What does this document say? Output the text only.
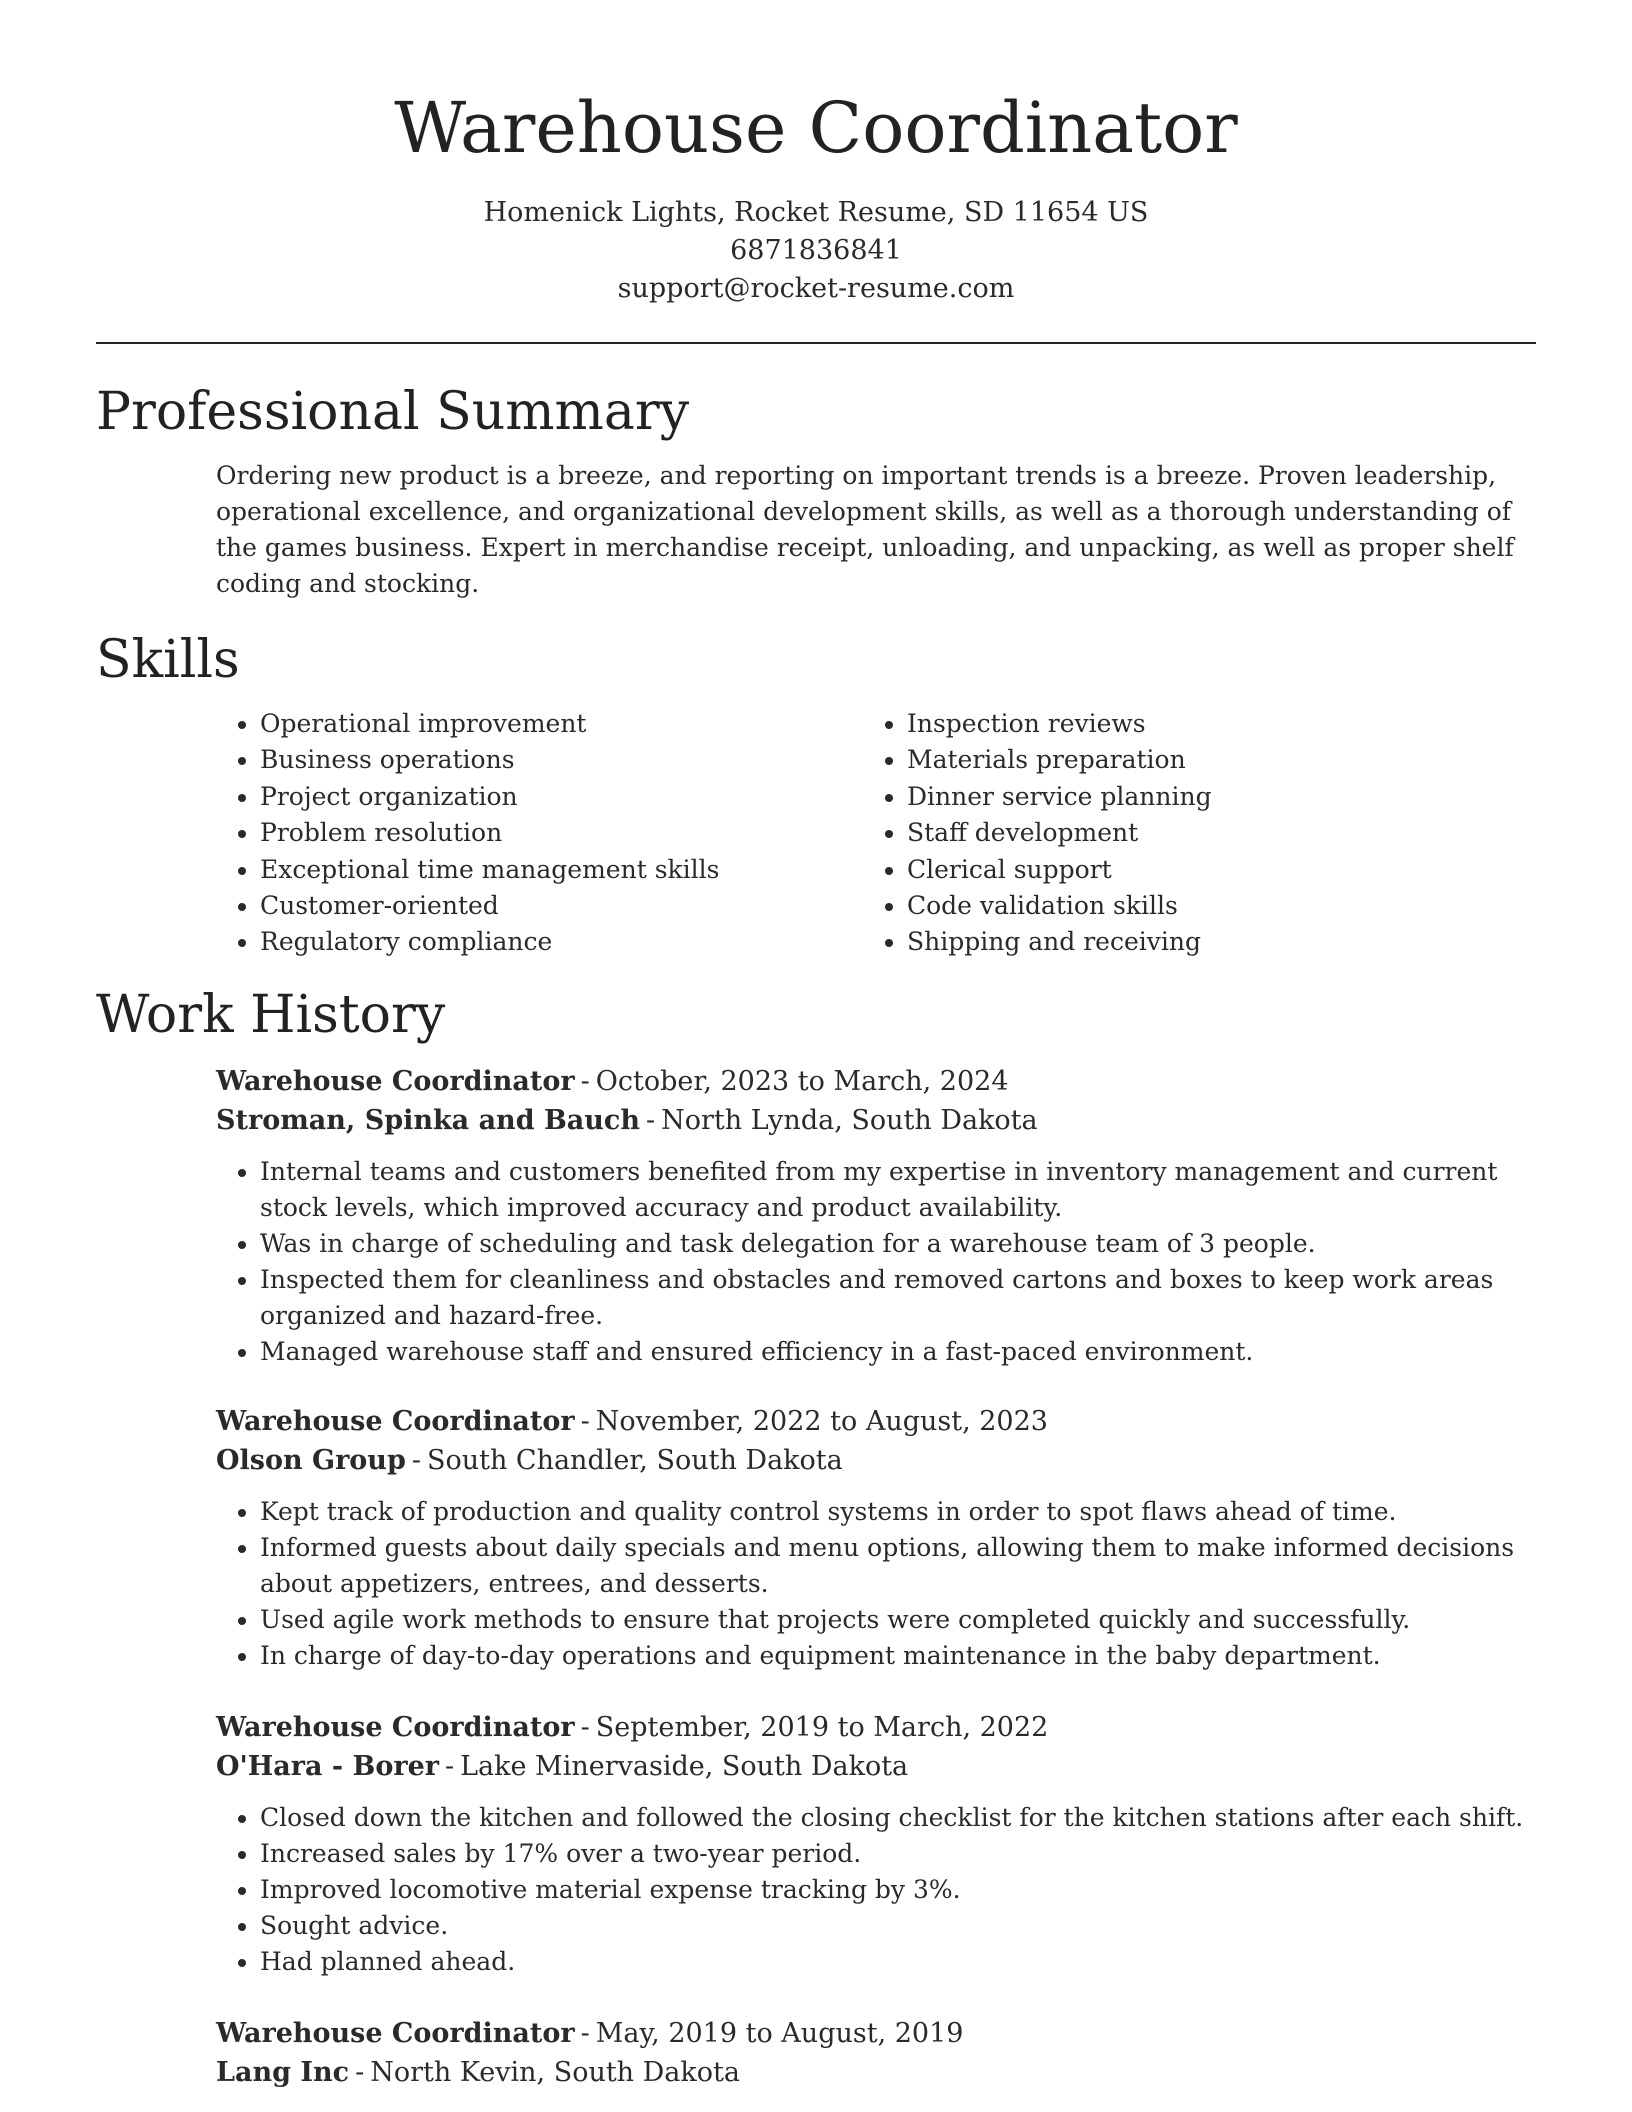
Warehouse Coordinator
Homenick Lights, Rocket Resume, SD 11654 US
6871836841
support@rocket-resume.com
Professional Summary

Ordering new product is a breeze, and reporting on important trends is a breeze. Proven leadership, operational excellence, and organizational development skills, as well as a thorough understanding of the games business. Expert in merchandise receipt, unloading, and unpacking, as well as proper shelf coding and stocking.

Skills
• Operational improvement
• Business operations
• Project organization
• Problem resolution
• Exceptional time management skills
• Customer-oriented
• Regulatory compliance
• Inspection reviews
• Materials preparation
• Dinner service planning
• Staff development
• Clerical support
• Code validation skills
• Shipping and receiving
Work History
Warehouse Coordinator - October, 2023 to March, 2024
Stroman, Spinka and Bauch - North Lynda, South Dakota
• Internal teams and customers benefited from my expertise in inventory management and current stock levels, which improved accuracy and product availability.
• Was in charge of scheduling and task delegation for a warehouse team of 3 people.
• Inspected them for cleanliness and obstacles and removed cartons and boxes to keep work areas organized and hazard-free.
• Managed warehouse staff and ensured efficiency in a fast-paced environment.
Warehouse Coordinator - November, 2022 to August, 2023
Olson Group - South Chandler, South Dakota
• Kept track of production and quality control systems in order to spot flaws ahead of time.
• Informed guests about daily specials and menu options, allowing them to make informed decisions about appetizers, entrees, and desserts.
• Used agile work methods to ensure that projects were completed quickly and successfully.
• In charge of day-to-day operations and equipment maintenance in the baby department.
Warehouse Coordinator - September, 2019 to March, 2022
O'Hara - Borer - Lake Minervaside, South Dakota
• Closed down the kitchen and followed the closing checklist for the kitchen stations after each shift.
• Increased sales by 17% over a two-year period.
• Improved locomotive material expense tracking by 3%.
• Sought advice.
• Had planned ahead.
Warehouse Coordinator - May, 2019 to August, 2019
Lang Inc - North Kevin, South Dakota
